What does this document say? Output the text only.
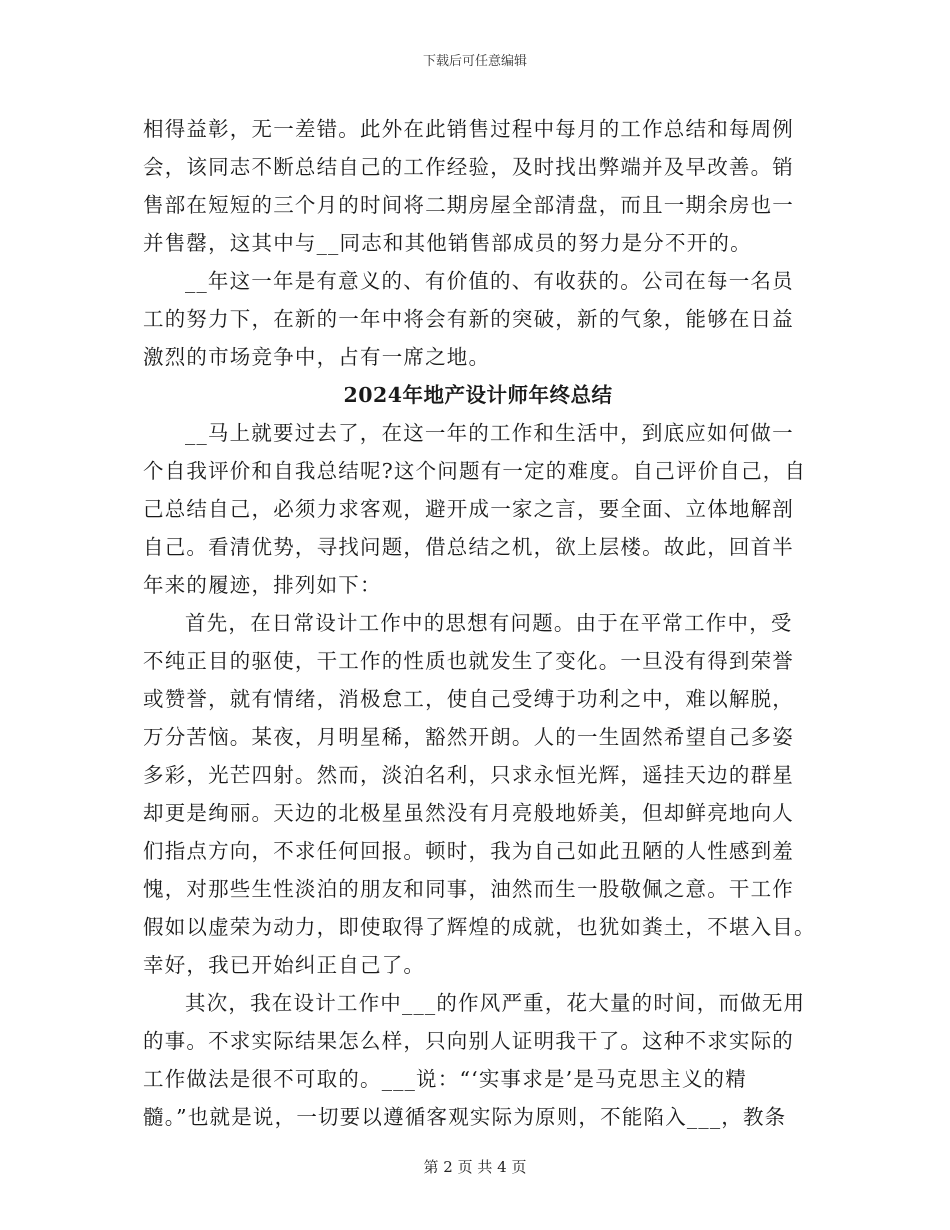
下载后可任意编辑
相得益彰，无一差错。此外在此销售过程中每月的工作总结和每周例
会，该同志不断总结自己的工作经验，及时找出弊端并及早改善。销
售部在短短的三个月的时间将二期房屋全部清盘，而且一期余房也一
并售罄，这其中与__同志和其他销售部成员的努力是分不开的。
__年这一年是有意义的、有价值的、有收获的。公司在每一名员
工的努力下，在新的一年中将会有新的突破，新的气象，能够在日益
激烈的市场竞争中，占有一席之地。
2024年地产设计师年终总结
__马上就要过去了，在这一年的工作和生活中，到底应如何做一
个自我评价和自我总结呢?这个问题有一定的难度。自己评价自己，自
己总结自己，必须力求客观，避开成一家之言，要全面、立体地解剖
自己。看清优势，寻找问题，借总结之机，欲上层楼。故此，回首半
年来的履迹，排列如下：
首先，在日常设计工作中的思想有问题。由于在平常工作中，受
不纯正目的驱使，干工作的性质也就发生了变化。一旦没有得到荣誉
或赞誉，就有情绪，消极怠工，使自己受缚于功利之中，难以解脱，
万分苦恼。某夜，月明星稀，豁然开朗。人的一生固然希望自己多姿
多彩，光芒四射。然而，淡泊名利，只求永恒光辉，遥挂天边的群星
却更是绚丽。天边的北极星虽然没有月亮般地娇美，但却鲜亮地向人
们指点方向，不求任何回报。顿时，我为自己如此丑陋的人性感到羞
愧，对那些生性淡泊的朋友和同事，油然而生一股敬佩之意。干工作
假如以虚荣为动力，即使取得了辉煌的成就，也犹如粪土，不堪入目。
幸好，我已开始纠正自己了。
其次，我在设计工作中___的作风严重，花大量的时间，而做无用
的事。不求实际结果怎么样，只向别人证明我干了。这种不求实际的
工作做法是很不可取的。___说：“‘实事求是’是马克思主义的精
髓。”也就是说，一切要以遵循客观实际为原则，不能陷入___，教条
第 2 页 共 4 页
